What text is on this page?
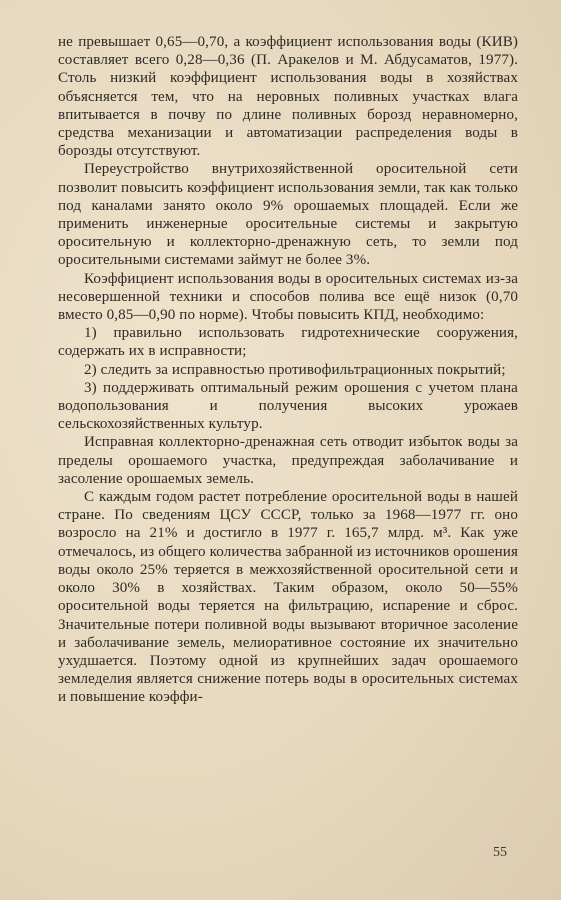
не превышает 0,65—0,70, а коэффициент использования воды (КИВ) составляет всего 0,28—0,36 (П. Аракелов и М. Абдусаматов, 1977). Столь низкий коэффициент использования воды в хозяйствах объясняется тем, что на неровных поливных участках влага впитывается в почву по длине поливных борозд неравномерно, средства механизации и автоматизации распределения воды в борозды отсутствуют.

Переустройство внутрихозяйственной оросительной сети позволит повысить коэффициент использования земли, так как только под каналами занято около 9% орошаемых площадей. Если же применить инженерные оросительные системы и закрытую оросительную и коллекторно-дренажную сеть, то земли под оросительными системами займут не более 3%.

Коэффициент использования воды в оросительных системах из-за несовершенной техники и способов полива все ещё низок (0,70 вместо 0,85—0,90 по норме). Чтобы повысить КПД, необходимо:

1) правильно использовать гидротехнические сооружения, содержать их в исправности;

2) следить за исправностью противофильтрационных покрытий;

3) поддерживать оптимальный режим орошения с учетом плана водопользования и получения высоких урожаев сельскохозяйственных культур.

Исправная коллекторно-дренажная сеть отводит избыток воды за пределы орошаемого участка, предупреждая заболачивание и засоление орошаемых земель.

С каждым годом растет потребление оросительной воды в нашей стране. По сведениям ЦСУ СССР, только за 1968—1977 гг. оно возросло на 21% и достигло в 1977 г. 165,7 млрд. м³. Как уже отмечалось, из общего количества забранной из источников орошения воды около 25% теряется в межхозяйственной оросительной сети и около 30% в хозяйствах. Таким образом, около 50—55% оросительной воды теряется на фильтрацию, испарение и сброс. Значительные потери поливной воды вызывают вторичное засоление и заболачивание земель, мелиоративное состояние их значительно ухудшается. Поэтому одной из крупнейших задач орошаемого земледелия является снижение потерь воды в оросительных системах и повышение коэффи-

55
